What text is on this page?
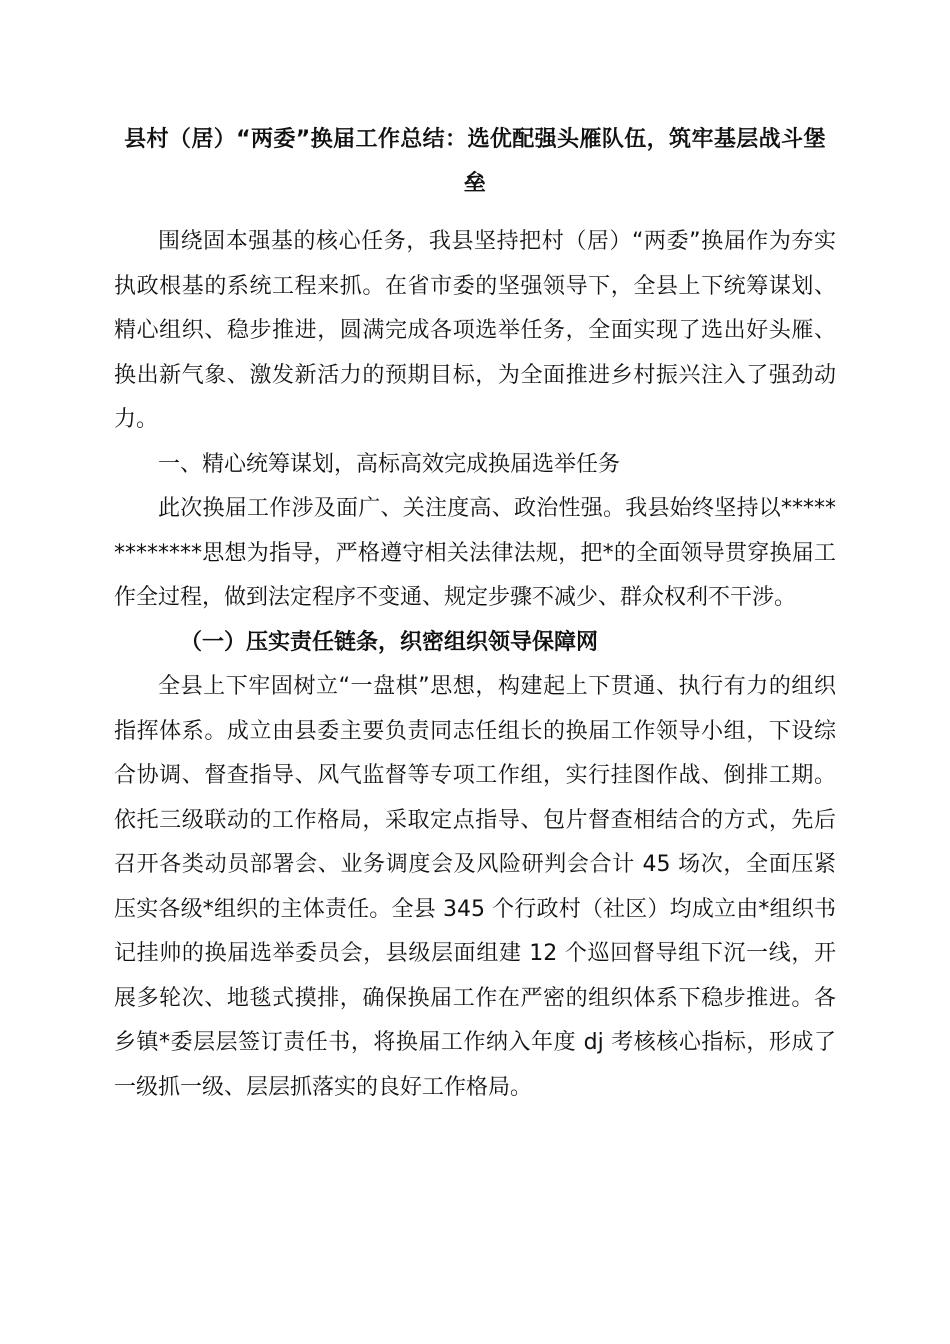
县村（居）“两委”换届工作总结：选优配强头雁队伍，筑牢基层战斗堡垒

围绕固本强基的核心任务，我县坚持把村（居）“两委”换届作为夯实执政根基的系统工程来抓。在省市委的坚强领导下，全县上下统筹谋划、精心组织、稳步推进，圆满完成各项选举任务，全面实现了选出好头雁、换出新气象、激发新活力的预期目标，为全面推进乡村振兴注入了强劲动力。

一、精心统筹谋划，高标高效完成换届选举任务

此次换届工作涉及面广、关注度高、政治性强。我县始终坚持以*************思想为指导，严格遵守相关法律法规，把*的全面领导贯穿换届工作全过程，做到法定程序不变通、规定步骤不减少、群众权利不干涉。

（一）压实责任链条，织密组织领导保障网

全县上下牢固树立“一盘棋”思想，构建起上下贯通、执行有力的组织指挥体系。成立由县委主要负责同志任组长的换届工作领导小组，下设综合协调、督查指导、风气监督等专项工作组，实行挂图作战、倒排工期。依托三级联动的工作格局，采取定点指导、包片督查相结合的方式，先后召开各类动员部署会、业务调度会及风险研判会合计 45 场次，全面压紧压实各级*组织的主体责任。全县 345 个行政村（社区）均成立由*组织书记挂帅的换届选举委员会，县级层面组建 12 个巡回督导组下沉一线，开展多轮次、地毯式摸排，确保换届工作在严密的组织体系下稳步推进。各乡镇*委层层签订责任书，将换届工作纳入年度 dj 考核核心指标，形成了一级抓一级、层层抓落实的良好工作格局。
